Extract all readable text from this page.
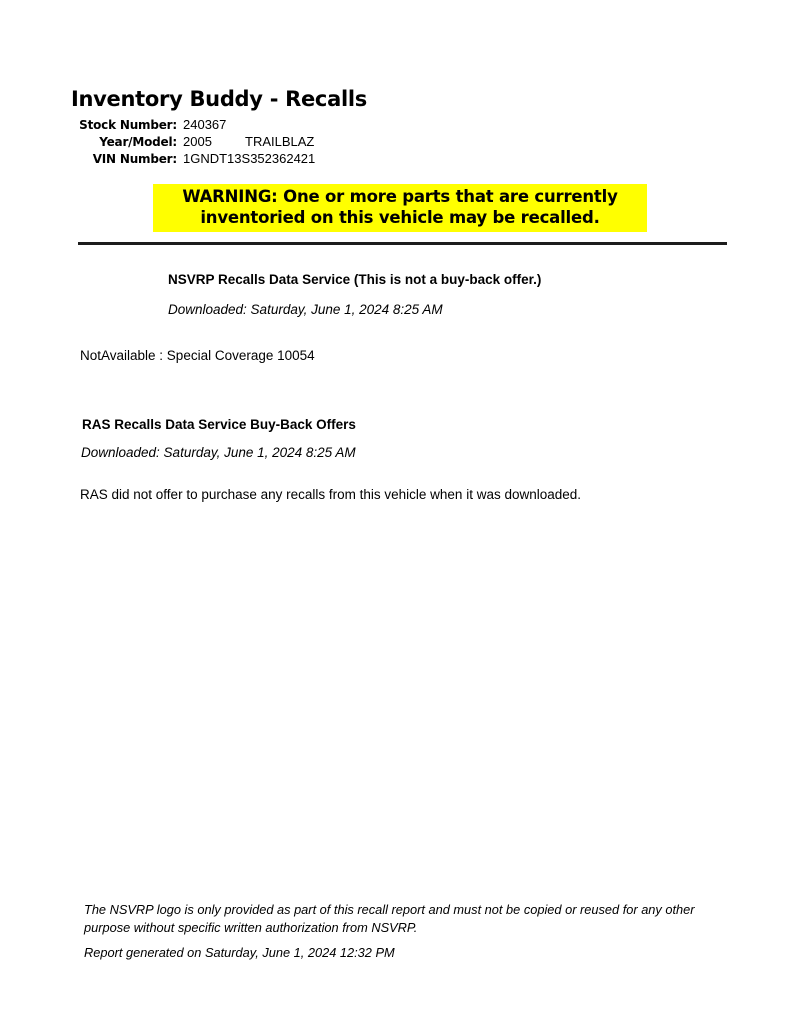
Inventory Buddy - Recalls
Stock Number: 240367
Year/Model: 2005	TRAILBLAZ
VIN Number: 1GNDT13S352362421
WARNING: One or more parts that are currently inventoried on this vehicle may be recalled.
NSVRP Recalls Data Service (This is not a buy-back offer.)
Downloaded: Saturday, June 1, 2024 8:25 AM
NotAvailable : Special Coverage 10054
RAS Recalls Data Service Buy-Back Offers
Downloaded: Saturday, June 1, 2024 8:25 AM
RAS did not offer to purchase any recalls from this vehicle when it was downloaded.
The NSVRP logo is only provided as part of this recall report and must not be copied or reused for any other purpose without specific written authorization from NSVRP.
Report generated on Saturday, June 1, 2024 12:32 PM
